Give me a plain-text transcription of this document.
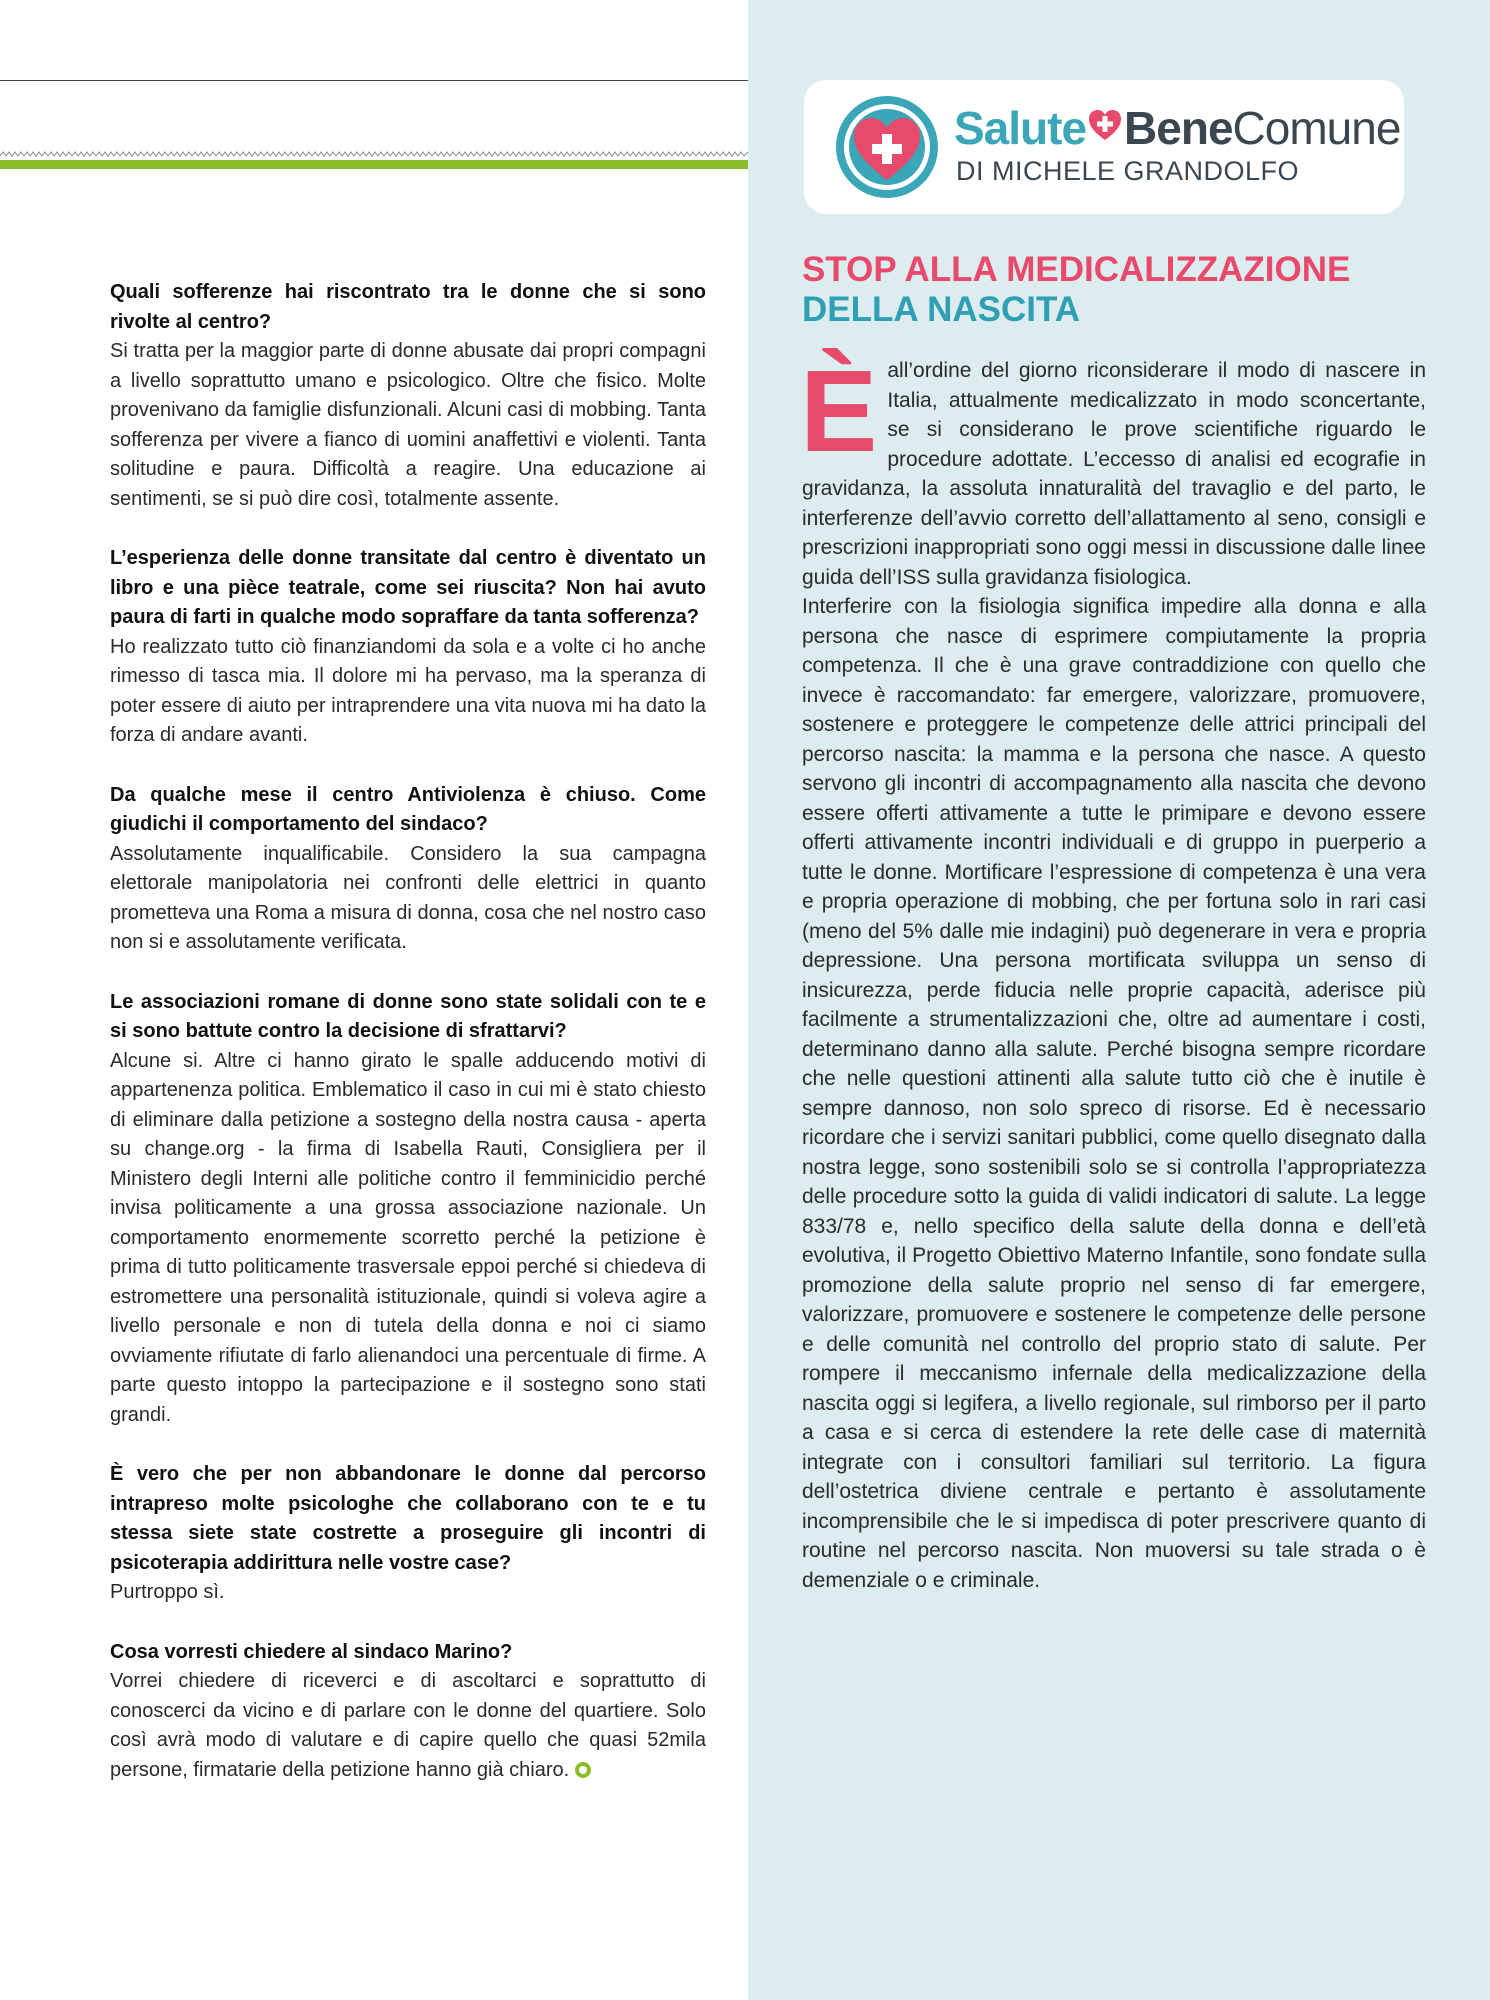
Quali sofferenze hai riscontrato tra le donne che si sono rivolte al centro?
Si tratta per la maggior parte di donne abusate dai propri compagni a livello soprattutto umano e psicologico. Oltre che fisico. Molte provenivano da famiglie disfunzionali. Alcuni casi di mobbing. Tanta sofferenza per vivere a fianco di uomini anaffettivi e violenti. Tanta solitudine e paura. Difficoltà a reagire. Una educazione ai sentimenti, se si può dire così, totalmente assente.
L’esperienza delle donne transitate dal centro è diventato un libro e una pièce teatrale, come sei riuscita? Non hai avuto paura di farti in qualche modo sopraffare da tanta sofferenza?
Ho realizzato tutto ciò finanziandomi da sola e a volte ci ho anche rimesso di tasca mia. Il dolore mi ha pervaso, ma la speranza di poter essere di aiuto per intraprendere una vita nuova mi ha dato la forza di andare avanti.
Da qualche mese il centro Antiviolenza è chiuso. Come giudichi il comportamento del sindaco?
Assolutamente inqualificabile. Considero la sua campagna elettorale manipolatoria nei confronti delle elettrici in quanto prometteva una Roma a misura di donna, cosa che nel nostro caso non si e assolutamente verificata.
Le associazioni romane di donne sono state solidali con te e si sono battute contro la decisione di sfrattarvi?
Alcune si. Altre ci hanno girato le spalle adducendo motivi di appartenenza politica. Emblematico il caso in cui mi è stato chiesto di eliminare dalla petizione a sostegno della nostra causa - aperta su change.org - la firma di Isabella Rauti, Consigliera per il Ministero degli Interni alle politiche contro il femminicidio perché invisa politicamente a una grossa associazione nazionale. Un comportamento enormemente scorretto perché la petizione è prima di tutto politicamente trasversale eppoi perché si chiedeva di estromettere una personalità istituzionale, quindi si voleva agire a livello personale e non di tutela della donna e noi ci siamo ovviamente rifiutate di farlo alienandoci una percentuale di firme. A parte questo intoppo la partecipazione e il sostegno sono stati grandi.
È vero che per non abbandonare le donne dal percorso intrapreso molte psicologhe che collaborano con te e tu stessa siete state costrette a proseguire gli incontri di psicoterapia addirittura nelle vostre case?
Purtroppo sì.
Cosa vorresti chiedere al sindaco Marino?
Vorrei chiedere di riceverci e di ascoltarci e soprattutto di conoscerci da vicino e di parlare con le donne del quartiere. Solo così avrà modo di valutare e di capire quello che quasi 52mila persone, firmatarie della petizione hanno già chiaro.
Salute BeneComune
DI MICHELE GRANDOLFO
STOP ALLA MEDICALIZZAZIONE
DELLA NASCITA
È all’ordine del giorno riconsiderare il modo di nascere in Italia, attualmente medicalizzato in modo sconcertante, se si considerano le prove scientifiche riguardo le procedure adottate. L’eccesso di analisi ed ecografie in gravidanza, la assoluta innaturalità del travaglio e del parto, le interferenze dell’avvio corretto dell’allattamento al seno, consigli e prescrizioni inappropriati sono oggi messi in discussione dalle linee guida dell’ISS sulla gravidanza fisiologica.

Interferire con la fisiologia significa impedire alla donna e alla persona che nasce di esprimere compiutamente la propria competenza. Il che è una grave contraddizione con quello che invece è raccomandato: far emergere, valorizzare, promuovere, sostenere e proteggere le competenze delle attrici principali del percorso nascita: la mamma e la persona che nasce. A questo servono gli incontri di accompagnamento alla nascita che devono essere offerti attivamente a tutte le primipare e devono essere offerti attivamente incontri individuali e di gruppo in puerperio a tutte le donne. Mortificare l’espressione di competenza è una vera e propria operazione di mobbing, che per fortuna solo in rari casi (meno del 5% dalle mie indagini) può degenerare in vera e propria depressione. Una persona mortificata sviluppa un senso di insicurezza, perde fiducia nelle proprie capacità, aderisce più facilmente a strumentalizzazioni che, oltre ad aumentare i costi, determinano danno alla salute. Perché bisogna sempre ricordare che nelle questioni attinenti alla salute tutto ciò che è inutile è sempre dannoso, non solo spreco di risorse. Ed è necessario ricordare che i servizi sanitari pubblici, come quello disegnato dalla nostra legge, sono sostenibili solo se si controlla l’appropriatezza delle procedure sotto la guida di validi indicatori di salute. La legge 833/78 e, nello specifico della salute della donna e dell’età evolutiva, il Progetto Obiettivo Materno Infantile, sono fondate sulla promozione della salute proprio nel senso di far emergere, valorizzare, promuovere e sostenere le competenze delle persone e delle comunità nel controllo del proprio stato di salute. Per rompere il meccanismo infernale della medicalizzazione della nascita oggi si legifera, a livello regionale, sul rimborso per il parto a casa e si cerca di estendere la rete delle case di maternità integrate con i consultori familiari sul territorio. La figura dell’ostetrica diviene centrale e pertanto è assolutamente incomprensibile che le si impedisca di poter prescrivere quanto di routine nel percorso nascita. Non muoversi su tale strada o è demenziale o e criminale.
